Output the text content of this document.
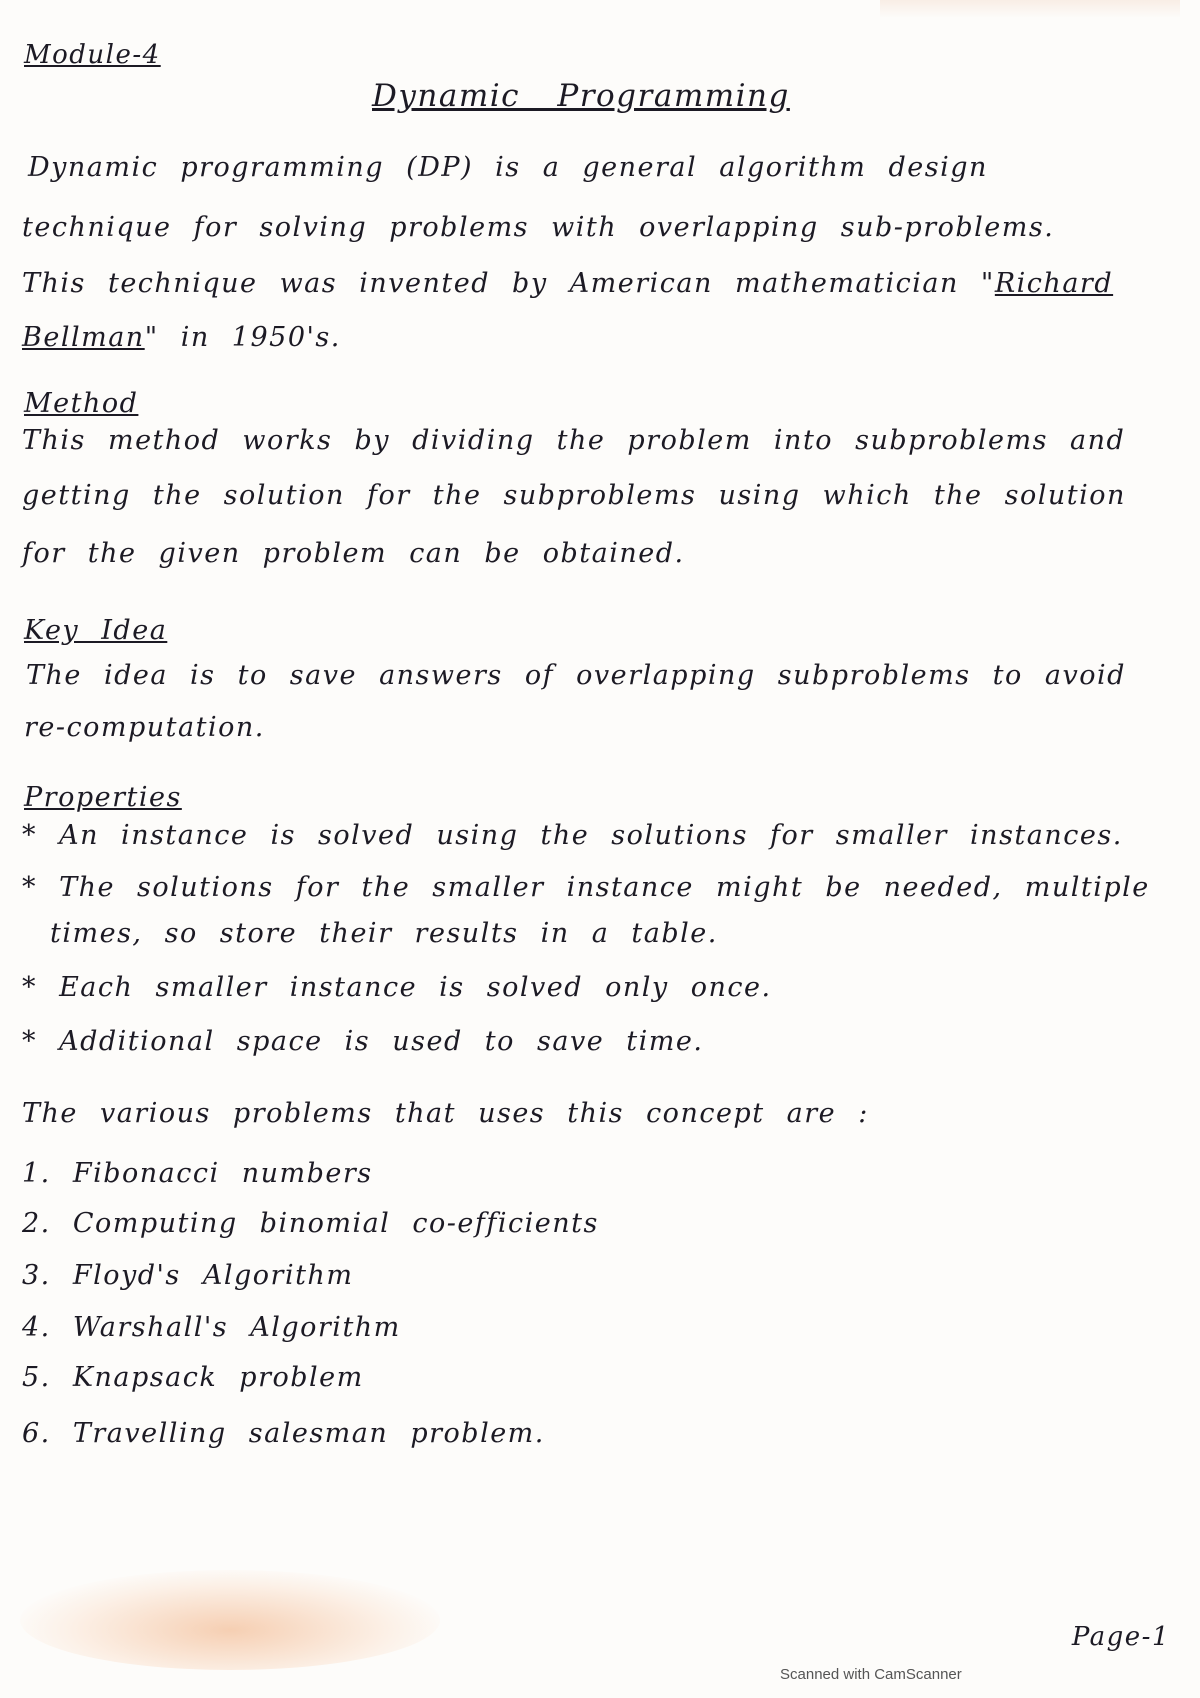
Module-4
Dynamic Programming
Dynamic programming (DP) is a general algorithm design
technique for solving problems with overlapping sub-problems.
This technique was invented by American mathematician "Richard
Bellman" in 1950's.
Method
This method works by dividing the problem into subproblems and
getting the solution for the subproblems using which the solution
for the given problem can be obtained.
Key Idea
The idea is to save answers of overlapping subproblems to avoid
re-computation.
Properties
* An instance is solved using the solutions for smaller instances.
* The solutions for the smaller instance might be needed, multiple
times, so store their results in a table.
* Each smaller instance is solved only once.
* Additional space is used to save time.
The various problems that uses this concept are :
1. Fibonacci numbers
2. Computing binomial co-efficients
3. Floyd's Algorithm
4. Warshall's Algorithm
5. Knapsack problem
6. Travelling salesman problem.
Page-1
Scanned with CamScanner
